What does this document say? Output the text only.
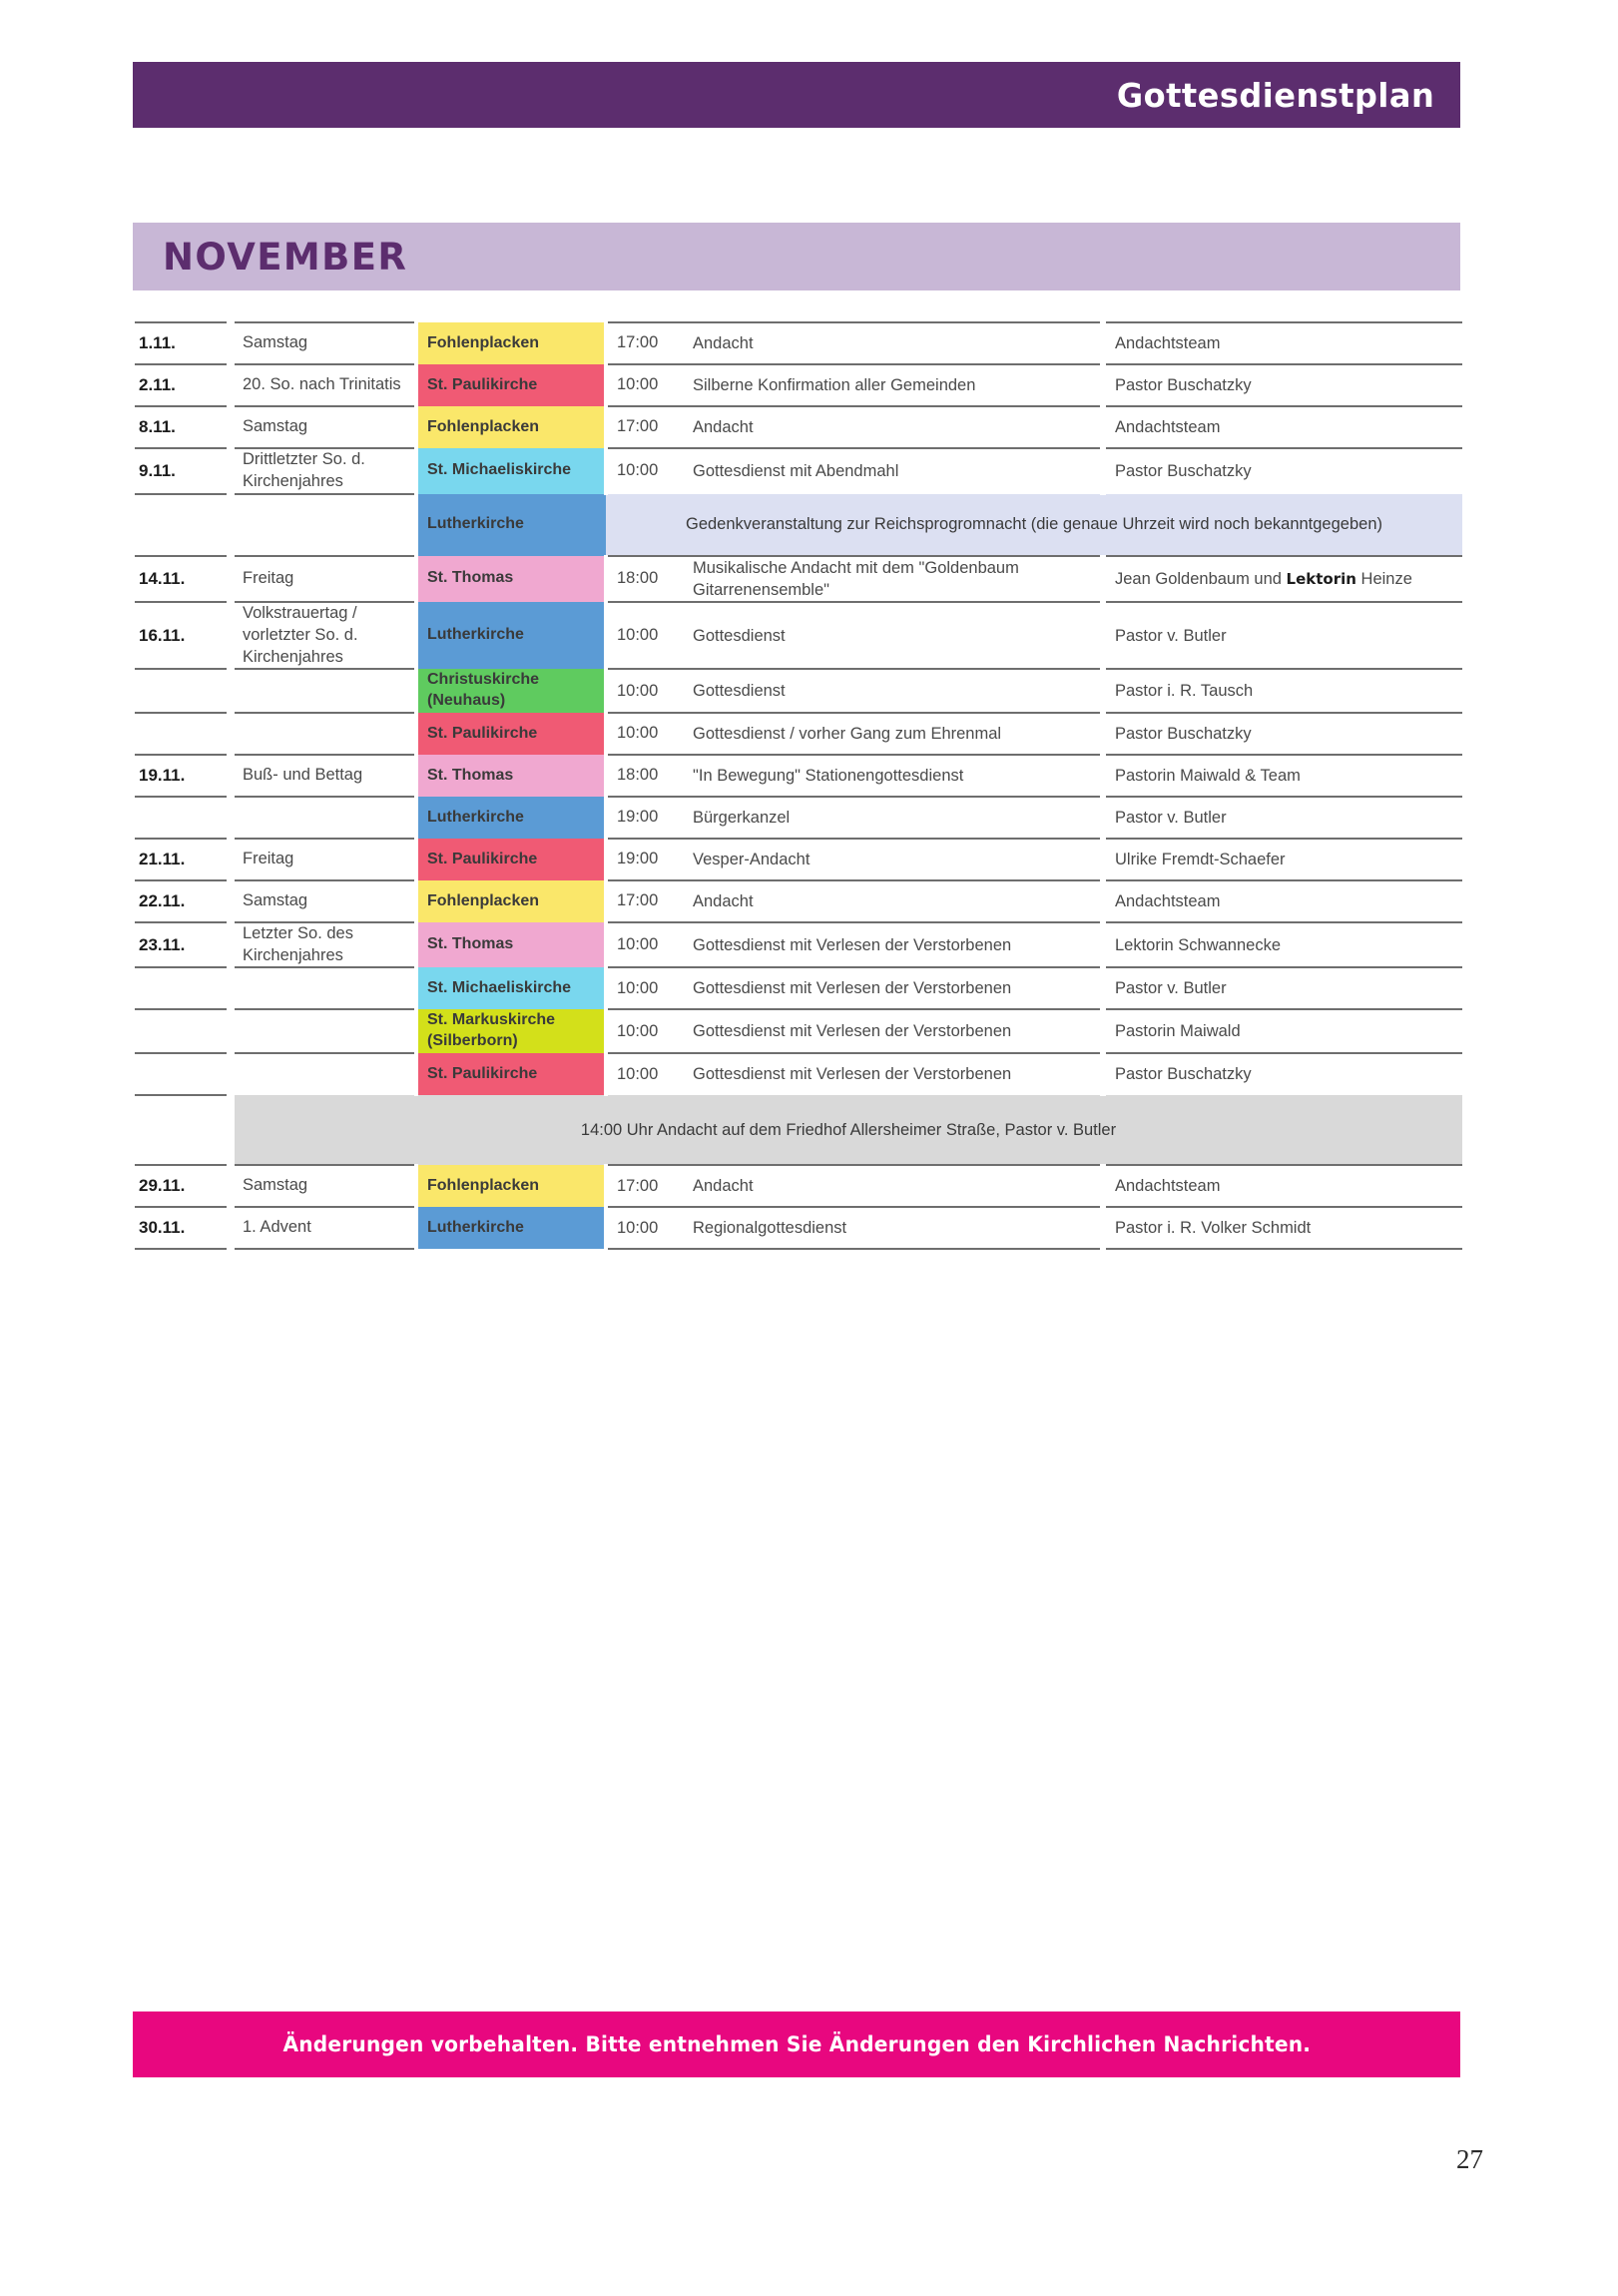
Gottesdienstplan
NOVEMBER
1.11.	Samstag	Fohlenplacken	17:00	Andacht	Andachtsteam
2.11.	20. So. nach Trinitatis	St. Paulikirche	10:00	Silberne Konfirmation aller Gemeinden	Pastor Buschatzky
8.11.	Samstag	Fohlenplacken	17:00	Andacht	Andachtsteam
9.11.	Drittletzter So. d. Kirchenjahres	St. Michaeliskirche	10:00	Gottesdienst mit Abendmahl	Pastor Buschatzky
		Lutherkirche	Gedenkveranstaltung zur Reichsprogromnacht (die genaue Uhrzeit wird noch bekanntgegeben)		
14.11.	Freitag	St. Thomas	18:00	Musikalische Andacht mit dem "Goldenbaum Gitarrenensemble"	Jean Goldenbaum und Lektorin Heinze
16.11.	Volkstrauertag / vorletzter So. d. Kirchenjahres	Lutherkirche	10:00	Gottesdienst	Pastor v. Butler
		Christuskirche (Neuhaus)	10:00	Gottesdienst	Pastor i. R. Tausch
		St. Paulikirche	10:00	Gottesdienst / vorher Gang zum Ehrenmal	Pastor Buschatzky
19.11.	Buß- und Bettag	St. Thomas	18:00	"In Bewegung" Stationengottesdienst	Pastorin Maiwald & Team
		Lutherkirche	19:00	Bürgerkanzel	Pastor v. Butler
21.11.	Freitag	St. Paulikirche	19:00	Vesper-Andacht	Ulrike Fremdt-Schaefer
22.11.	Samstag	Fohlenplacken	17:00	Andacht	Andachtsteam
23.11.	Letzter So. des Kirchenjahres	St. Thomas	10:00	Gottesdienst mit Verlesen der Verstorbenen	Lektorin Schwannecke
		St. Michaeliskirche	10:00	Gottesdienst mit Verlesen der Verstorbenen	Pastor v. Butler
		St. Markuskirche (Silberborn)	10:00	Gottesdienst mit Verlesen der Verstorbenen	Pastorin Maiwald
		St. Paulikirche	10:00	Gottesdienst mit Verlesen der Verstorbenen	Pastor Buschatzky
	14:00 Uhr Andacht auf dem Friedhof Allersheimer Straße, Pastor v. Butler				
29.11.	Samstag	Fohlenplacken	17:00	Andacht	Andachtsteam
30.11.	1. Advent	Lutherkirche	10:00	Regionalgottesdienst	Pastor i. R. Volker Schmidt
Änderungen vorbehalten. Bitte entnehmen Sie Änderungen den Kirchlichen Nachrichten.
27
